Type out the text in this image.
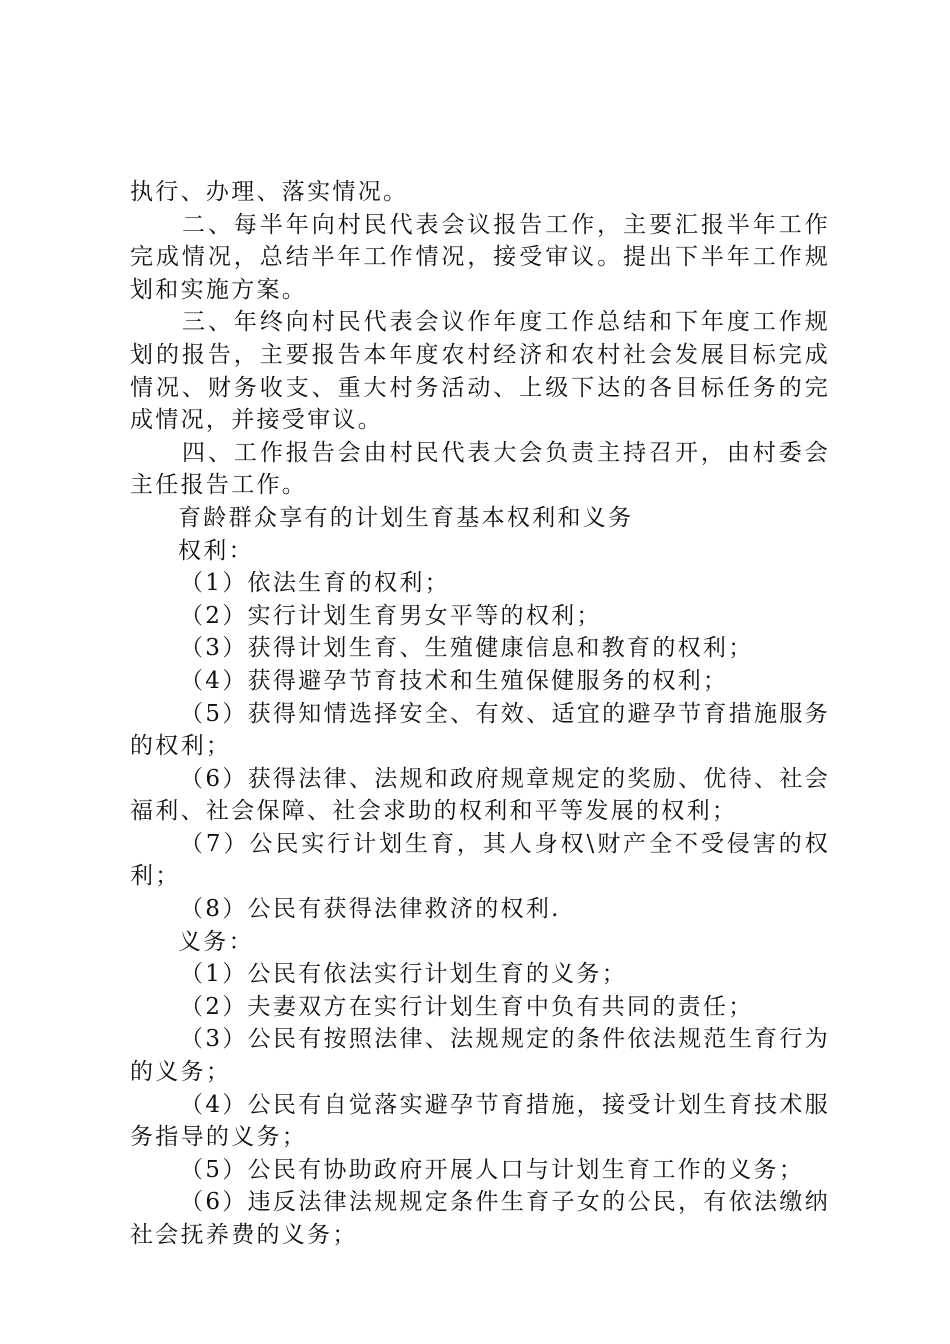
执行、办理、落实情况。

二、每半年向村民代表会议报告工作，主要汇报半年工作完成情况，总结半年工作情况，接受审议。提出下半年工作规划和实施方案。

三、年终向村民代表会议作年度工作总结和下年度工作规划的报告，主要报告本年度农村经济和农村社会发展目标完成情况、财务收支、重大村务活动、上级下达的各目标任务的完成情况，并接受审议。

四、工作报告会由村民代表大会负责主持召开，由村委会主任报告工作。

育龄群众享有的计划生育基本权利和义务

权利：

（1）依法生育的权利；

（2）实行计划生育男女平等的权利；

（3）获得计划生育、生殖健康信息和教育的权利；

（4）获得避孕节育技术和生殖保健服务的权利；

（5）获得知情选择安全、有效、适宜的避孕节育措施服务的权利；

（6）获得法律、法规和政府规章规定的奖励、优待、社会福利、社会保障、社会求助的权利和平等发展的权利；

（7）公民实行计划生育，其人身权\财产全不受侵害的权利；

（8）公民有获得法律救济的权利.

义务：

（1）公民有依法实行计划生育的义务；

（2）夫妻双方在实行计划生育中负有共同的责任；

（3）公民有按照法律、法规规定的条件依法规范生育行为的义务；

（4）公民有自觉落实避孕节育措施，接受计划生育技术服务指导的义务；

（5）公民有协助政府开展人口与计划生育工作的义务；

（6）违反法律法规规定条件生育子女的公民，有依法缴纳社会抚养费的义务；
